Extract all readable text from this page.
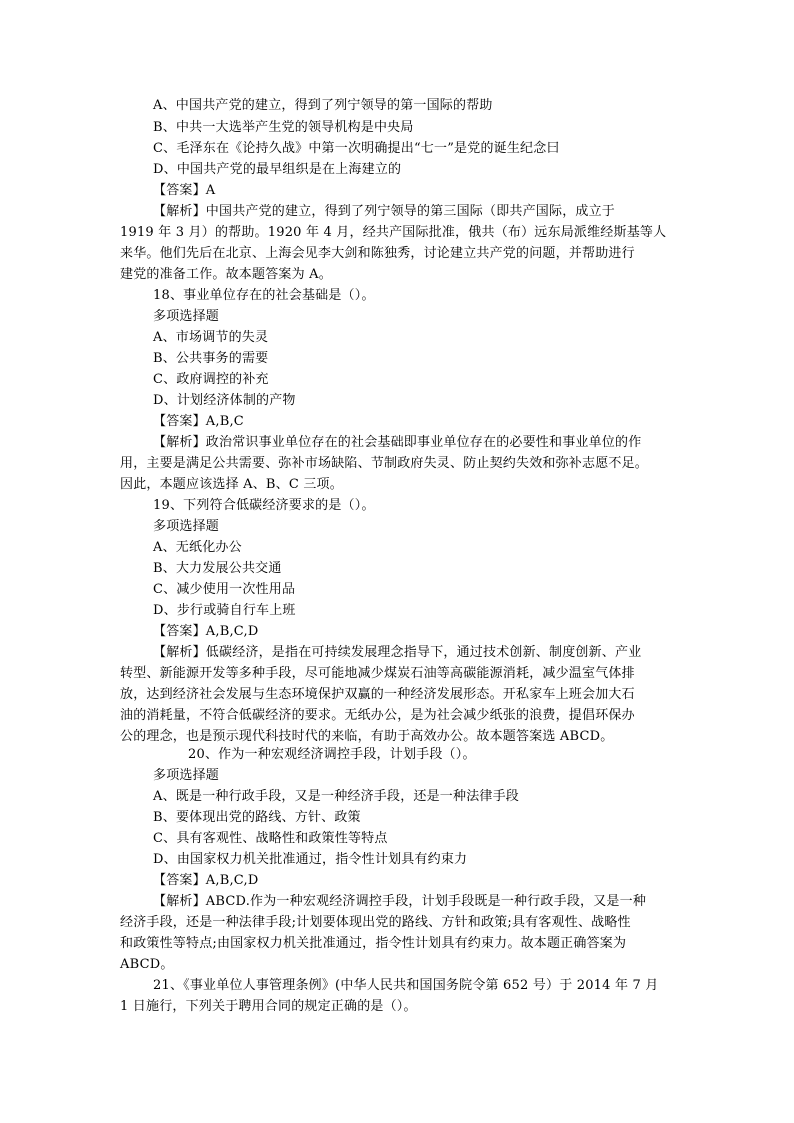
A、中国共产党的建立，得到了列宁领导的第一国际的帮助
B、中共一大选举产生党的领导机构是中央局
C、毛泽东在《论持久战》中第一次明确提出“七一”是党的诞生纪念曰
D、中国共产党的最早组织是在上海建立的
【答案】A
【解析】中国共产党的建立，得到了列宁领导的第三国际（即共产国际，成立于
1919 年 3 月）的帮助。1920 年 4 月，经共产国际批准，俄共（布）远东局派维经斯基等人
来华。他们先后在北京、上海会见李大剑和陈独秀，讨论建立共产党的问题，并帮助进行
建党的准备工作。故本题答案为 A。
18、事业单位存在的社会基础是（）。
多项选择题
A、市场调节的失灵
B、公共事务的需要
C、政府调控的补充
D、计划经济体制的产物
【答案】A,B,C
【解析】政治常识事业单位存在的社会基础即事业单位存在的必要性和事业单位的作
用，主要是满足公共需要、弥补市场缺陷、节制政府失灵、防止契约失效和弥补志愿不足。
因此，本题应该选择 A、B、C 三项。
19、下列符合低碳经济要求的是（）。
多项选择题
A、无纸化办公
B、大力发展公共交通
C、减少使用一次性用品
D、步行或骑自行车上班
【答案】A,B,C,D
【解析】低碳经济，是指在可持续发展理念指导下，通过技术创新、制度创新、产业
转型、新能源开发等多种手段，尽可能地减少煤炭石油等高碳能源消耗，减少温室气体排
放，达到经济社会发展与生态环境保护双赢的一种经济发展形态。开私家车上班会加大石
油的消耗量，不符合低碳经济的要求。无纸办公，是为社会减少纸张的浪费，提倡环保办
公的理念，也是预示现代科技时代的来临，有助于高效办公。故本题答案选 ABCD。
20、作为一种宏观经济调控手段，计划手段（）。
多项选择题
A、既是一种行政手段，又是一种经济手段，还是一种法律手段
B、要体现出党的路线、方针、政策
C、具有客观性、战略性和政策性等特点
D、由国家权力机关批准通过，指令性计划具有约束力
【答案】A,B,C,D
【解析】ABCD.作为一种宏观经济调控手段，计划手段既是一种行政手段，又是一种
经济手段，还是一种法律手段;计划要体现出党的路线、方针和政策;具有客观性、战略性
和政策性等特点;由国家权力机关批准通过，指令性计划具有约束力。故本题正确答案为
ABCD。
21、《事业单位人事管理条例》(中华人民共和国国务院令第 652 号）于 2014 年 7 月
1 日施行，下列关于聘用合同的规定正确的是（）。
